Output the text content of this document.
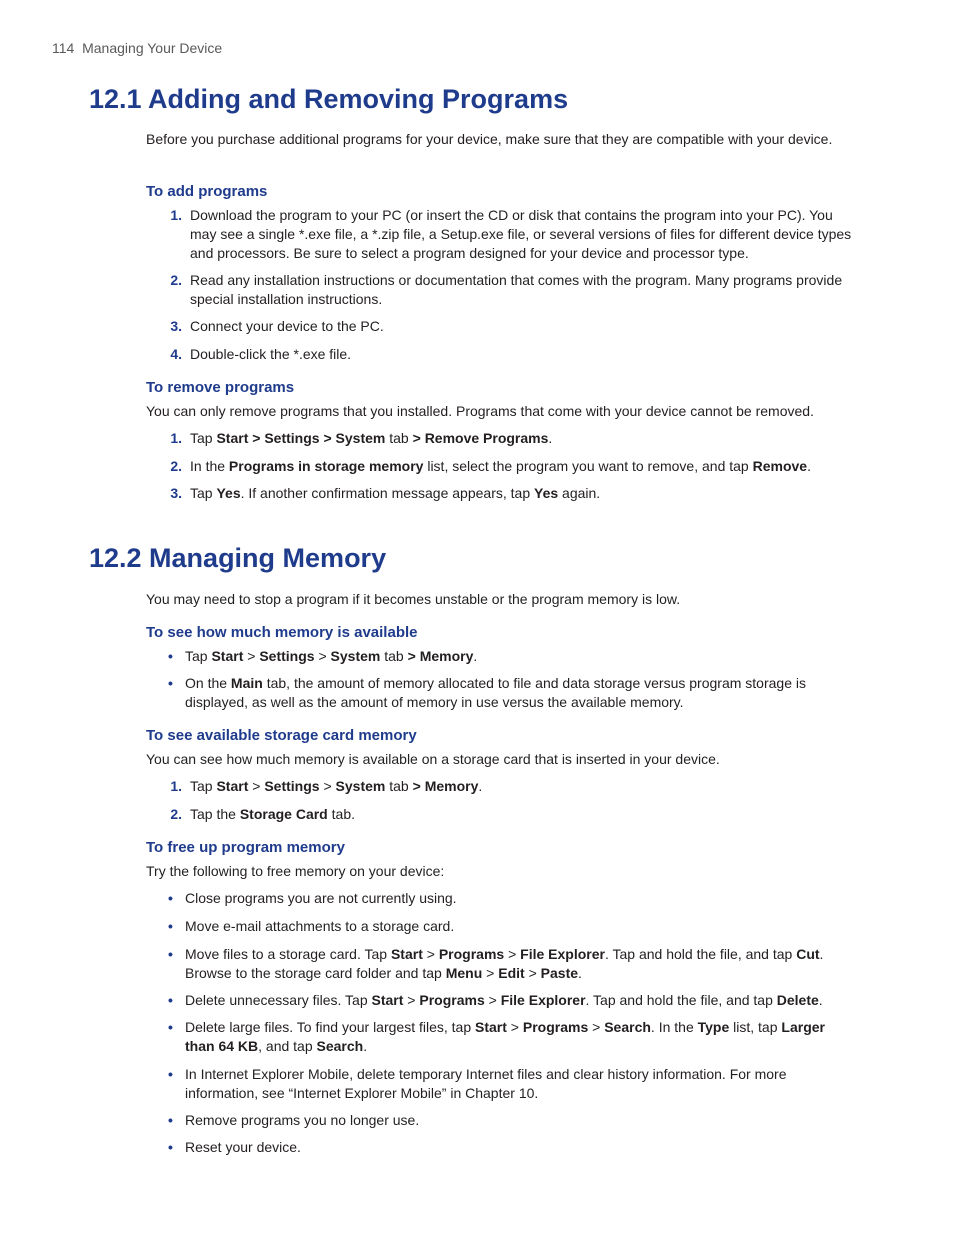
114 Managing Your Device
12.1 Adding and Removing Programs

Before you purchase additional programs for your device, make sure that they are compatible with your device.

To add programs
1. Download the program to your PC (or insert the CD or disk that contains the program into your PC). You may see a single *.exe file, a *.zip file, a Setup.exe file, or several versions of files for different device types and processors. Be sure to select a program designed for your device and processor type.
2. Read any installation instructions or documentation that comes with the program. Many programs provide special installation instructions.
3. Connect your device to the PC.
4. Double-click the *.exe file.
To remove programs

You can only remove programs that you installed. Programs that come with your device cannot be removed.

1. Tap Start > Settings > System tab > Remove Programs.
2. In the Programs in storage memory list, select the program you want to remove, and tap Remove.
3. Tap Yes. If another confirmation message appears, tap Yes again.
12.2 Managing Memory

You may need to stop a program if it becomes unstable or the program memory is low.

To see how much memory is available
• Tap Start > Settings > System tab > Memory.
• On the Main tab, the amount of memory allocated to file and data storage versus program storage is displayed, as well as the amount of memory in use versus the available memory.
To see available storage card memory

You can see how much memory is available on a storage card that is inserted in your device.

1. Tap Start > Settings > System tab > Memory.
2. Tap the Storage Card tab.
To free up program memory

Try the following to free memory on your device:

• Close programs you are not currently using.
• Move e-mail attachments to a storage card.
• Move files to a storage card. Tap Start > Programs > File Explorer. Tap and hold the file, and tap Cut. Browse to the storage card folder and tap Menu > Edit > Paste.
• Delete unnecessary files. Tap Start > Programs > File Explorer. Tap and hold the file, and tap Delete.
• Delete large files. To find your largest files, tap Start > Programs > Search. In the Type list, tap Larger than 64 KB, and tap Search.
• In Internet Explorer Mobile, delete temporary Internet files and clear history information. For more information, see “Internet Explorer Mobile” in Chapter 10.
• Remove programs you no longer use.
• Reset your device.
